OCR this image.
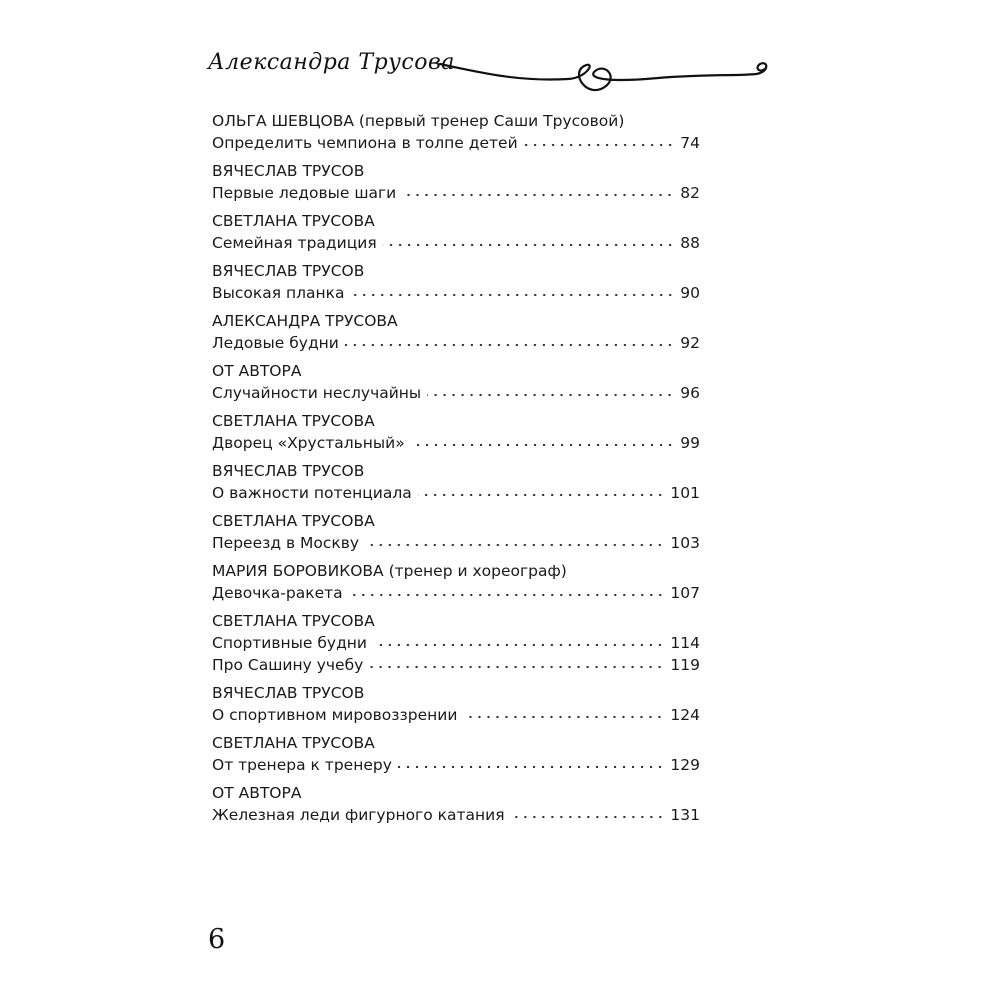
Александра Трусова
ОЛЬГА ШЕВЦОВА (первый тренер Саши Трусовой)
Определить чемпиона в толпе детей	74
ВЯЧЕСЛАВ ТРУСОВ
Первые ледовые шаги	82
СВЕТЛАНА ТРУСОВА
Семейная традиция	88
ВЯЧЕСЛАВ ТРУСОВ
Высокая планка	90
АЛЕКСАНДРА ТРУСОВА
Ледовые будни	92
ОТ АВТОРА
Случайности неслучайны	96
СВЕТЛАНА ТРУСОВА
Дворец «Хрустальный»	99
ВЯЧЕСЛАВ ТРУСОВ
О важности потенциала	101
СВЕТЛАНА ТРУСОВА
Переезд в Москву	103
МАРИЯ БОРОВИКОВА (тренер и хореограф)
Девочка-ракета	107
СВЕТЛАНА ТРУСОВА
Спортивные будни	114
Про Сашину учебу	119
ВЯЧЕСЛАВ ТРУСОВ
О спортивном мировоззрении	124
СВЕТЛАНА ТРУСОВА
От тренера к тренеру	129
ОТ АВТОРА
Железная леди фигурного катания	131
6
